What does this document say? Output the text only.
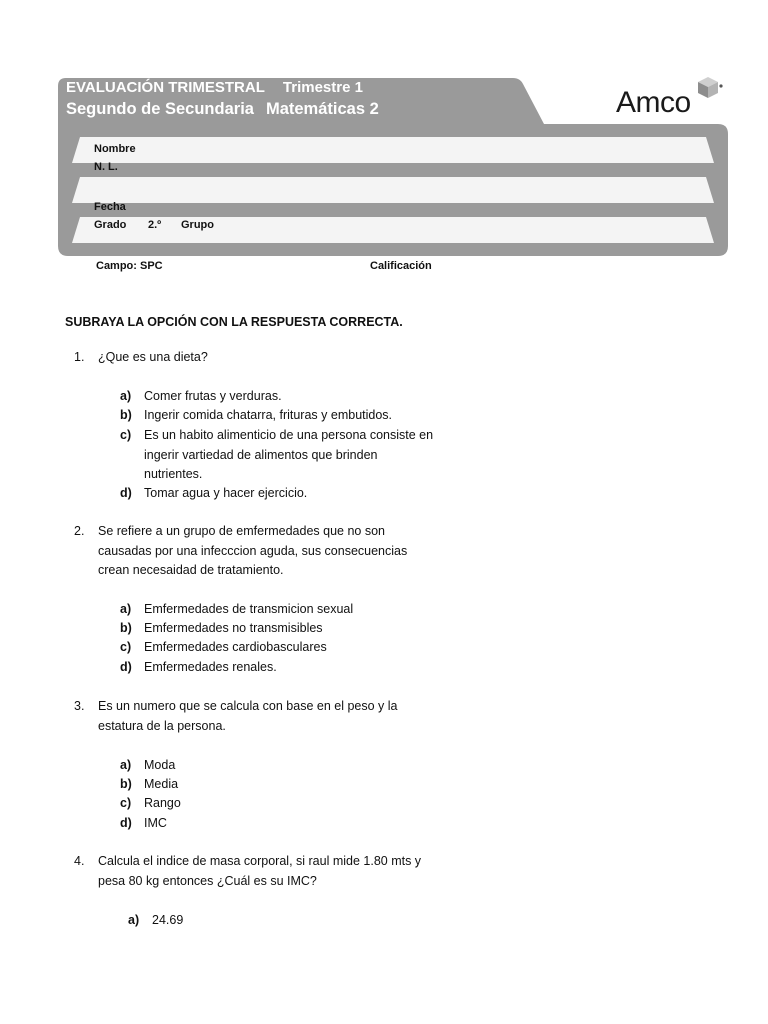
EVALUACIÓN TRIMESTRAL Trimestre 1
Segundo de Secundaria Matemáticas 2	Amco
Nombre
N. L.
Fecha
Grado 2.º Grupo
Campo: SPC	Calificación
SUBRAYA LA OPCIÓN CON LA RESPUESTA CORRECTA.
1. ¿Que es una dieta?
a) Comer frutas y verduras.
b) Ingerir comida chatarra, frituras y embutidos.
c) Es un habito alimenticio de una persona consiste en ingerir vartiedad de alimentos que brinden nutrientes.
d) Tomar agua y hacer ejercicio.
2. Se refiere a un grupo de emfermedades que no son causadas por una infecccion aguda, sus consecuencias crean necesaidad de tratamiento.
a) Emfermedades de transmicion sexual
b) Emfermedades no transmisibles
c) Emfermedades cardiobasculares
d) Emfermedades renales.
3. Es un numero que se calcula con base en el peso y la estatura de la persona.
a) Moda
b) Media
c) Rango
d) IMC
4. Calcula el indice de masa corporal, si raul mide 1.80 mts y pesa 80 kg entonces ¿Cuál es su IMC?
a) 24.69
